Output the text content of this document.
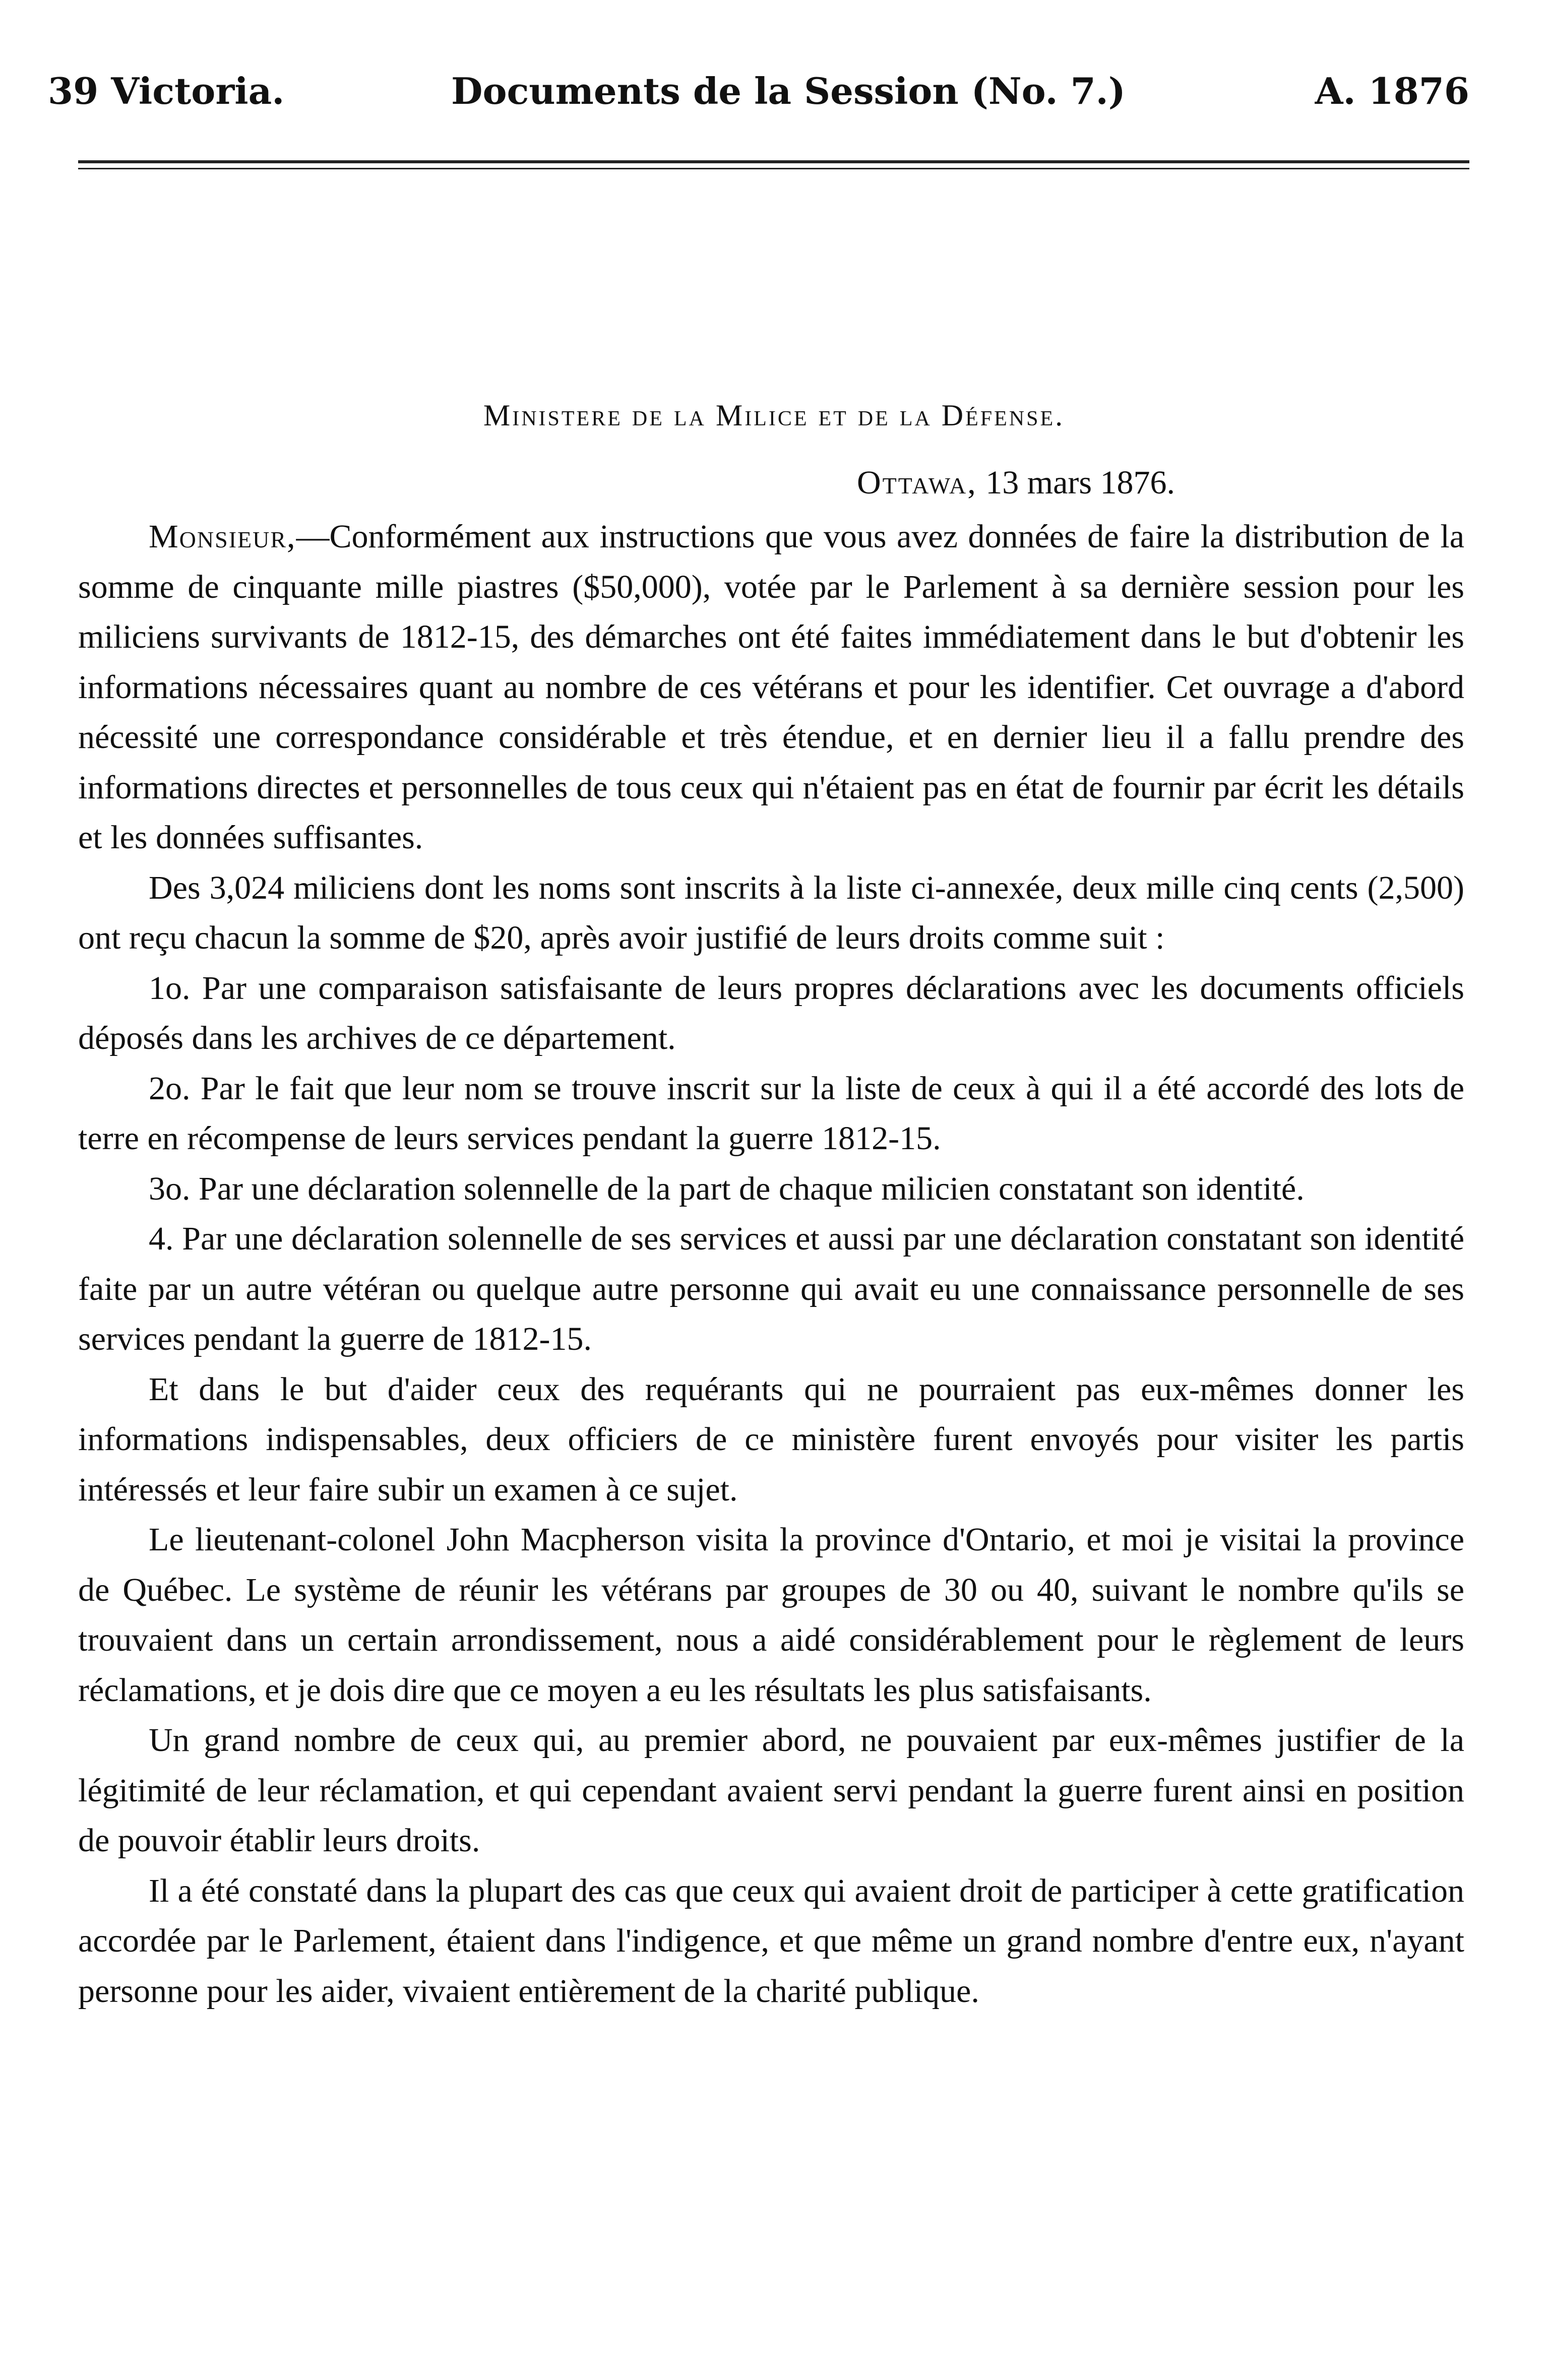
39 Victoria.	Documents de la Session (No. 7.)	A. 1876
Ministere de la Milice et de la Défense.
Ottawa, 13 mars 1876.

Monsieur,—Conformément aux instructions que vous avez données de faire la distribution de la somme de cinquante mille piastres ($50,000), votée par le Parlement à sa dernière session pour les miliciens survivants de 1812-15, des démarches ont été faites immédiatement dans le but d'obtenir les informations nécessaires quant au nombre de ces vétérans et pour les identifier. Cet ouvrage a d'abord nécessité une correspondance considérable et très étendue, et en dernier lieu il a fallu prendre des informations directes et personnelles de tous ceux qui n'étaient pas en état de fournir par écrit les détails et les données suffisantes.

Des 3,024 miliciens dont les noms sont inscrits à la liste ci-annexée, deux mille cinq cents (2,500) ont reçu chacun la somme de $20, après avoir justifié de leurs droits comme suit :

1o. Par une comparaison satisfaisante de leurs propres déclarations avec les documents officiels déposés dans les archives de ce département.

2o. Par le fait que leur nom se trouve inscrit sur la liste de ceux à qui il a été accordé des lots de terre en récompense de leurs services pendant la guerre 1812-15.

3o. Par une déclaration solennelle de la part de chaque milicien constatant son identité.

4. Par une déclaration solennelle de ses services et aussi par une déclaration constatant son identité faite par un autre vétéran ou quelque autre personne qui avait eu une connaissance personnelle de ses services pendant la guerre de 1812-15.

Et dans le but d'aider ceux des requérants qui ne pourraient pas eux-mêmes donner les informations indispensables, deux officiers de ce ministère furent envoyés pour visiter les partis intéressés et leur faire subir un examen à ce sujet.

Le lieutenant-colonel John Macpherson visita la province d'Ontario, et moi je visitai la province de Québec. Le système de réunir les vétérans par groupes de 30 ou 40, suivant le nombre qu'ils se trouvaient dans un certain arrondissement, nous a aidé considérablement pour le règlement de leurs réclamations, et je dois dire que ce moyen a eu les résultats les plus satisfaisants.

Un grand nombre de ceux qui, au premier abord, ne pouvaient par eux-mêmes justifier de la légitimité de leur réclamation, et qui cependant avaient servi pendant la guerre furent ainsi en position de pouvoir établir leurs droits.

Il a été constaté dans la plupart des cas que ceux qui avaient droit de participer à cette gratification accordée par le Parlement, étaient dans l'indigence, et que même un grand nombre d'entre eux, n'ayant personne pour les aider, vivaient entièrement de la charité publique.
